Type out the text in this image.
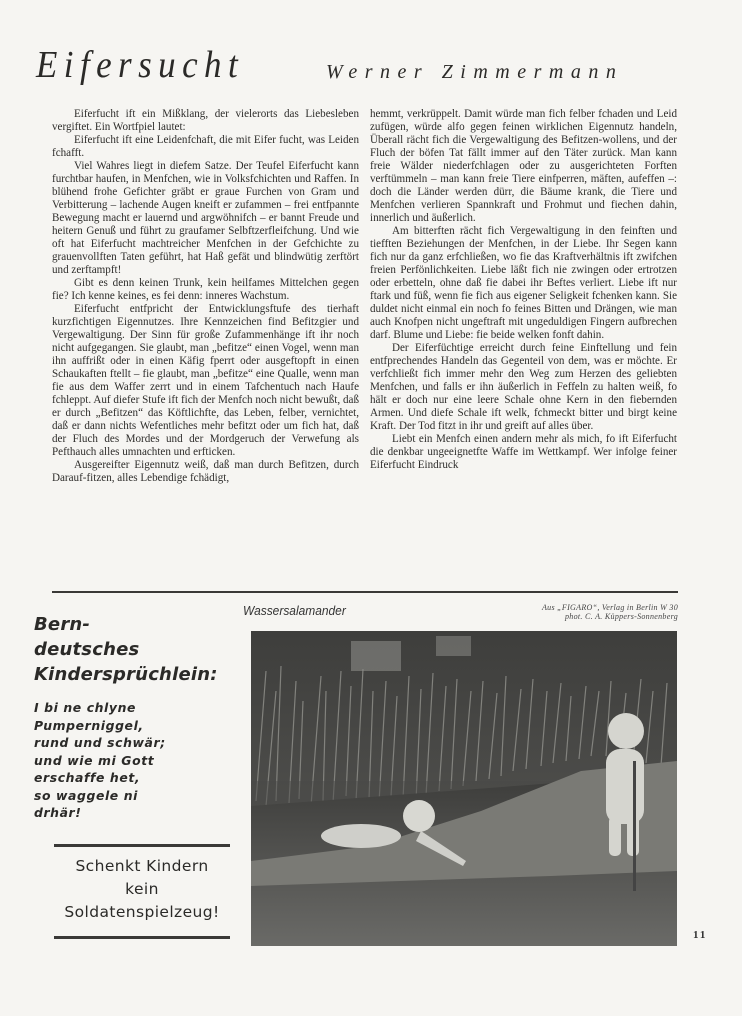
Eifersucht	Werner Zimmermann

Eiferfucht ift ein Mißklang, der vielerorts das Liebesleben vergiftet. Ein Wortfpiel lautet:

Eiferfucht ift eine Leidenfchaft, die mit Eifer fucht, was Leiden fchafft.

Viel Wahres liegt in diefem Satze. Der Teufel Eiferfucht kann furchtbar haufen, in Menfchen, wie in Volksfchichten und Raffen. In blühend frohe Gefichter gräbt er graue Furchen von Gram und Verbitterung – lachende Augen kneift er zufammen – frei entfpannte Bewegung macht er lauernd und argwöhnifch – er bannt Freude und heitern Genuß und führt zu graufamer Selbftzerfleifchung. Und wie oft hat Eiferfucht machtreicher Menfchen in der Gefchichte zu grauenvollften Taten geführt, hat Haß gefät und blindwütig zerftört und zerftampft!

Gibt es denn keinen Trunk, kein heilfames Mittelchen gegen fie? Ich kenne keines, es fei denn: inneres Wachstum.

Eiferfucht entfpricht der Entwicklungsftufe des tierhaft kurzfichtigen Eigennutzes. Ihre Kennzeichen find Befitzgier und Vergewaltigung. Der Sinn für große Zufammenhänge ift ihr noch nicht aufgegangen. Sie glaubt, man „befitze“ einen Vogel, wenn man ihn auffrißt oder in einen Käfig fperrt oder ausgeftopft in einen Schaukaften ftellt – fie glaubt, man „befitze“ eine Qualle, wenn man fie aus dem Waffer zerrt und in einem Tafchentuch nach Haufe fchleppt. Auf diefer Stufe ift fich der Menfch noch nicht bewußt, daß er durch „Befitzen“ das Köftlichfte, das Leben, felber, vernichtet, daß er dann nichts Wefentliches mehr befitzt oder um fich hat, daß der Fluch des Mordes und der Mordgeruch der Verwefung als Pefthauch alles umnachten und erfticken.

Ausgereifter Eigennutz weiß, daß man durch Befitzen, durch Darauf-fitzen, alles Lebendige fchädigt,

hemmt, verkrüppelt. Damit würde man fich felber fchaden und Leid zufügen, würde alfo gegen feinen wirklichen Eigennutz handeln, Überall rächt fich die Vergewaltigung des Befitzen-wollens, und der Fluch der böfen Tat fällt immer auf den Täter zurück. Man kann freie Wälder niederfchlagen oder zu ausgerichteten Forften verftümmeln – man kann freie Tiere einfperren, mäften, aufeffen –: doch die Länder werden dürr, die Bäume krank, die Tiere und Menfchen verlieren Spannkraft und Frohmut und fiechen dahin, innerlich und äußerlich.

Am bitterften rächt fich Vergewaltigung in den feinften und tiefften Beziehungen der Menfchen, in der Liebe. Ihr Segen kann fich nur da ganz erfchließen, wo fie das Kraftverhältnis ift zwifchen freien Perfönlichkeiten. Liebe läßt fich nie zwingen oder ertrotzen oder erbetteln, ohne daß fie dabei ihr Beftes verliert. Liebe ift nur ftark und füß, wenn fie fich aus eigener Seligkeit fchenken kann. Sie duldet nicht einmal ein noch fo feines Bitten und Drängen, wie man auch Knofpen nicht ungeftraft mit ungeduldigen Fingern aufbrechen darf. Blume und Liebe: fie beide welken fonft dahin.

Der Eiferfüchtige erreicht durch feine Einftellung und fein entfprechendes Handeln das Gegenteil von dem, was er möchte. Er verfchließt fich immer mehr den Weg zum Herzen des geliebten Menfchen, und falls er ihn äußerlich in Feffeln zu halten weiß, fo hält er doch nur eine leere Schale ohne Kern in den fiebernden Armen. Und diefe Schale ift welk, fchmeckt bitter und birgt keine Kraft. Der Tod fitzt in ihr und greift auf alles über.

Liebt ein Menfch einen andern mehr als mich, fo ift Eiferfucht die denkbar ungeeignetfte Waffe im Wettkampf. Wer infolge feiner Eiferfucht Eindruck

Wassersalamander	Aus „FIGARO“, Verlag in Berlin W 30
phot. C. A. Küppers-Sonnenberg
Bern-
deutsches
Kindersprüchlein:
I bi ne chlyne
Pumperniggel,
rund und schwär;
und wie mi Gott
erschaffe het,
so waggele ni
drhär!
Schenkt Kindern
kein
Soldatenspielzeug!
11
